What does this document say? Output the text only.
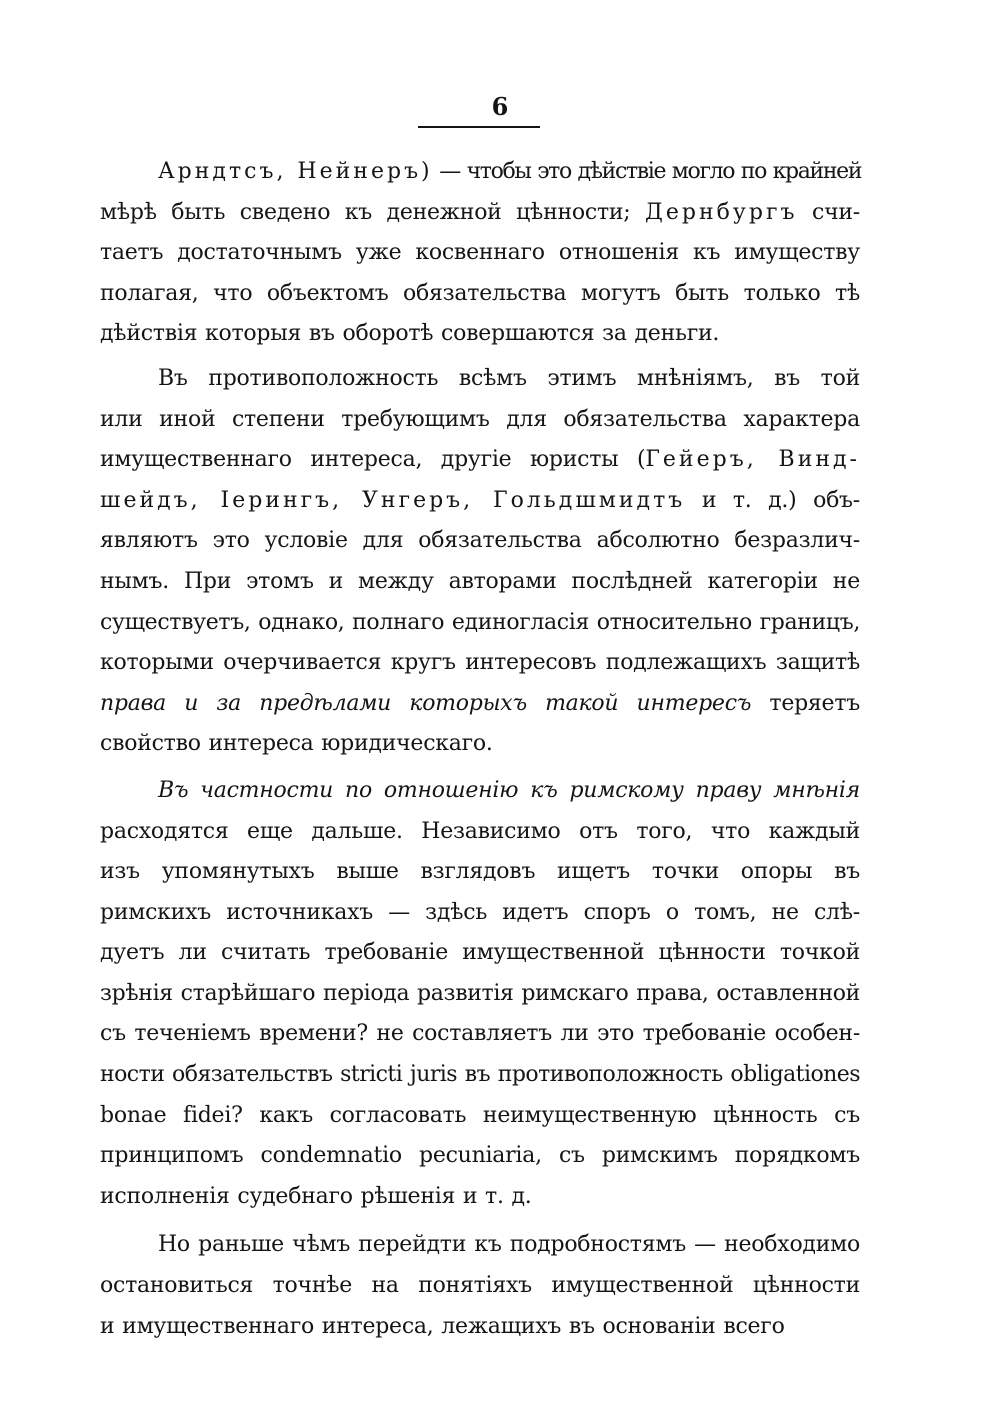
6

Арндтсъ, Нейнеръ) — чтобы это дѣйствіе могло по крайней
мѣрѣ быть сведено къ денежной цѣнности; Дернбургъ счи-
таетъ достаточнымъ уже косвеннаго отношенія къ имуществу
полагая, что объектомъ обязательства могутъ быть только тѣ
дѣйствія которыя въ оборотѣ совершаются за деньги.
Въ противоположность всѣмъ этимъ мнѣніямъ, въ той
или иной степени требующимъ для обязательства характера
имущественнаго интереса, другіе юристы (Гейеръ, Винд-
шейдъ, Іерингъ, Унгеръ, Гольдшмидтъ и т. д.) объ-
являютъ это условіе для обязательства абсолютно безразлич-
нымъ. При этомъ и между авторами послѣдней категоріи не
существуетъ, однако, полнаго единогласія относительно границъ,
которыми очерчивается кругъ интересовъ подлежащихъ защитѣ
права и за предѣлами которыхъ такой интересъ теряетъ
свойство интереса юридическаго.
Въ частности по отношенію къ римскому праву мнѣнія
расходятся еще дальше. Независимо отъ того, что каждый
изъ упомянутыхъ выше взглядовъ ищетъ точки опоры въ
римскихъ источникахъ — здѣсь идетъ споръ о томъ, не слѣ-
дуетъ ли считать требованіе имущественной цѣнности точкой
зрѣнія старѣйшаго періода развитія римскаго права, оставленной
съ теченіемъ времени? не составляетъ ли это требованіе особен-
ности обязательствъ stricti juris въ противоположность obligationes
bonae fidei? какъ согласовать неимущественную цѣнность съ
принципомъ condemnatio pecuniaria, съ римскимъ порядкомъ
исполненія судебнаго рѣшенія и т. д.
Но раньше чѣмъ перейдти къ подробностямъ — необходимо
остановиться точнѣе на понятіяхъ имущественной цѣнности
и имущественнаго интереса, лежащихъ въ основаніи всего
